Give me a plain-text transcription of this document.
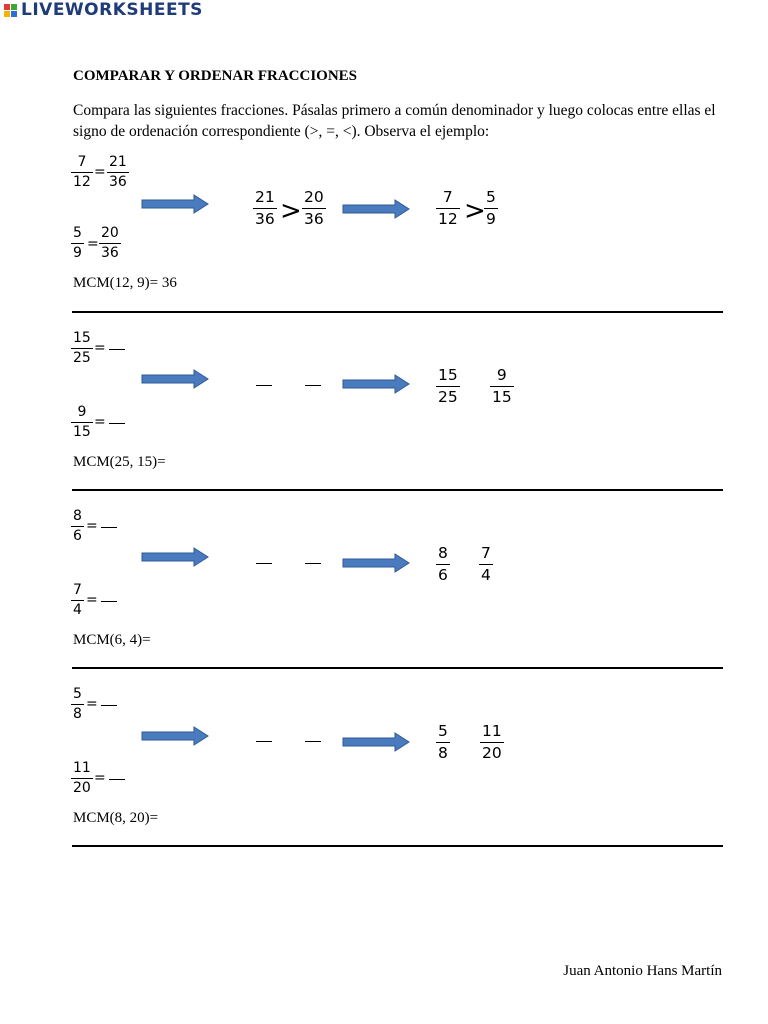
LIVEWORKSHEETS
COMPARAR Y ORDENAR FRACCIONES
Compara las siguientes fracciones. Pásalas primero a común denominador y luego colocas entre ellas el signo de ordenación correspondiente (>, =, <). Observa el ejemplo:
7
12
=
21
36
5
9
=
20
36
21
36 > 20
36
7
12 > 5
9
MCM(12, 9)= 36
15
25
=
9
15
=
15
25
9
15
MCM(25, 15)=
8
6
=
7
4
=
8
6
7
4
MCM(6, 4)=
5
8
=
11
20
=
5
8
11
20
MCM(8, 20)=
Juan Antonio Hans Martín
